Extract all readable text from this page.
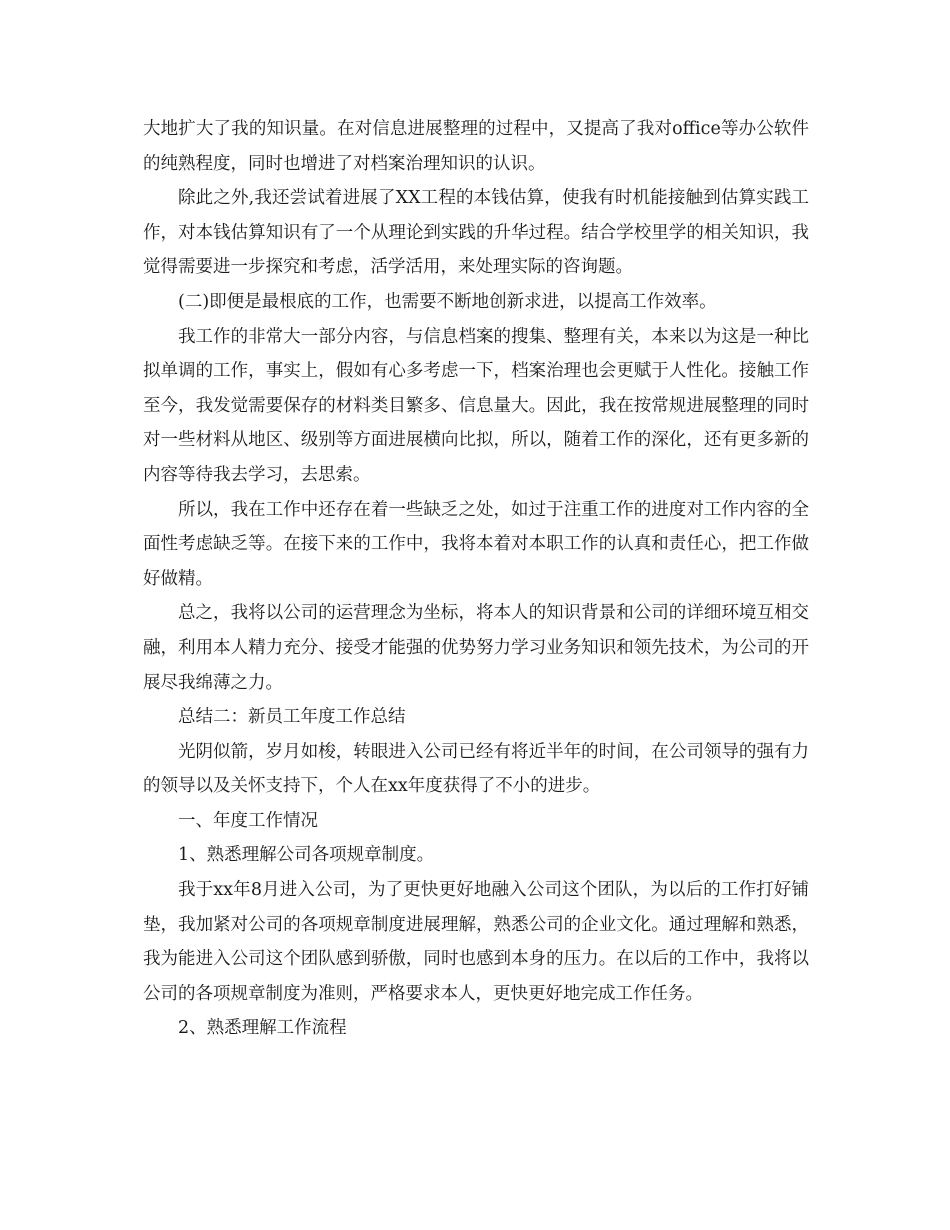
大地扩大了我的知识量。在对信息进展整理的过程中，又提高了我对office等办公软件的纯熟程度，同时也增进了对档案治理知识的认识。

除此之外,我还尝试着进展了XX工程的本钱估算，使我有时机能接触到估算实践工作，对本钱估算知识有了一个从理论到实践的升华过程。结合学校里学的相关知识，我觉得需要进一步探究和考虑，活学活用，来处理实际的咨询题。

(二)即便是最根底的工作，也需要不断地创新求进，以提高工作效率。

我工作的非常大一部分内容，与信息档案的搜集、整理有关，本来以为这是一种比拟单调的工作，事实上，假如有心多考虑一下，档案治理也会更赋于人性化。接触工作至今，我发觉需要保存的材料类目繁多、信息量大。因此，我在按常规进展整理的同时对一些材料从地区、级别等方面进展横向比拟，所以，随着工作的深化，还有更多新的内容等待我去学习，去思索。

所以，我在工作中还存在着一些缺乏之处，如过于注重工作的进度对工作内容的全面性考虑缺乏等。在接下来的工作中，我将本着对本职工作的认真和责任心，把工作做好做精。

总之，我将以公司的运营理念为坐标，将本人的知识背景和公司的详细环境互相交融，利用本人精力充分、接受才能强的优势努力学习业务知识和领先技术，为公司的开展尽我绵薄之力。

总结二：新员工年度工作总结

光阴似箭，岁月如梭，转眼进入公司已经有将近半年的时间，在公司领导的强有力的领导以及关怀支持下，个人在xx年度获得了不小的进步。

一、年度工作情况

1、熟悉理解公司各项规章制度。

我于xx年8月进入公司，为了更快更好地融入公司这个团队，为以后的工作打好铺垫，我加紧对公司的各项规章制度进展理解，熟悉公司的企业文化。通过理解和熟悉，我为能进入公司这个团队感到骄傲，同时也感到本身的压力。在以后的工作中，我将以公司的各项规章制度为准则，严格要求本人，更快更好地完成工作任务。

2、熟悉理解工作流程
